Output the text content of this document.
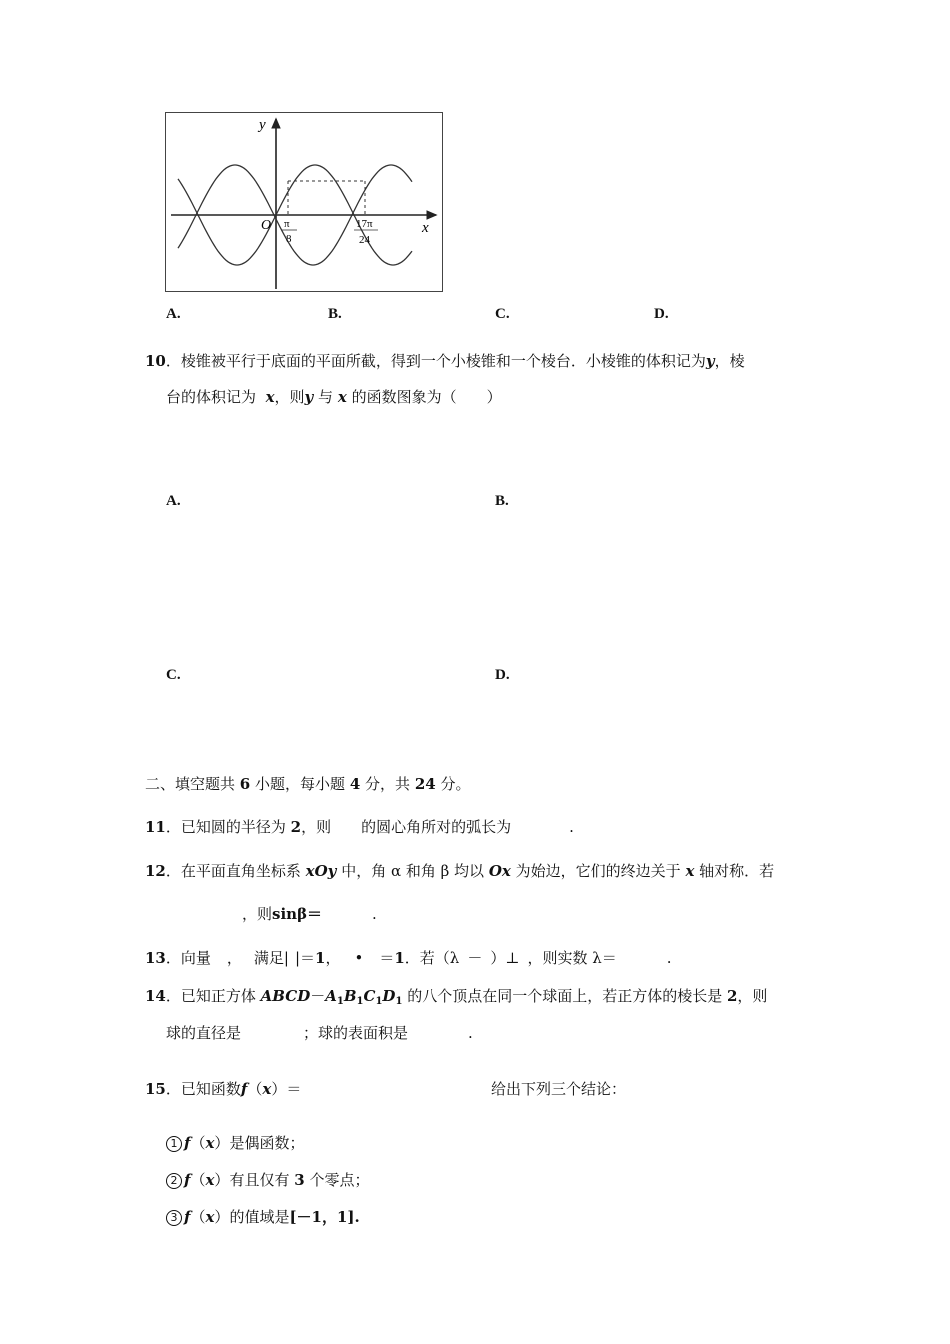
y
x
O π
8
17π
24
A.	B.	C.	D.
10．棱锥被平行于底面的平面所截，得到一个小棱锥和一个棱台．小棱锥的体积记为y，棱
台的体积记为 x，则y 与 x 的函数图象为（　　）
A.	B.
C.	D.
二、填空题共 6 小题，每小题 4 分，共 24 分。
11．已知圆的半径为 2，则 的圆心角所对的弧长为	.
12．在平面直角坐标系 xOy 中，角 α 和角 β 均以 Ox 为始边，它们的终边关于 x 轴对称．若
，则sinβ＝	.
13．向量 ， 满足| |＝1， • ＝1．若（λ － ）⊥ ，则实数 λ＝	.
14．已知正方体 $ABCD-A_1B_1C_1D_1$ 的八个顶点在同一个球面上，若正方体的棱长是 2，则
球的直径是	；球的表面积是	.
15．已知函数f（x）＝	给出下列三个结论：
1 f（x）是偶函数；
2 f（x）有且仅有 3 个零点；
3 f（x）的值域是[－1，1].
